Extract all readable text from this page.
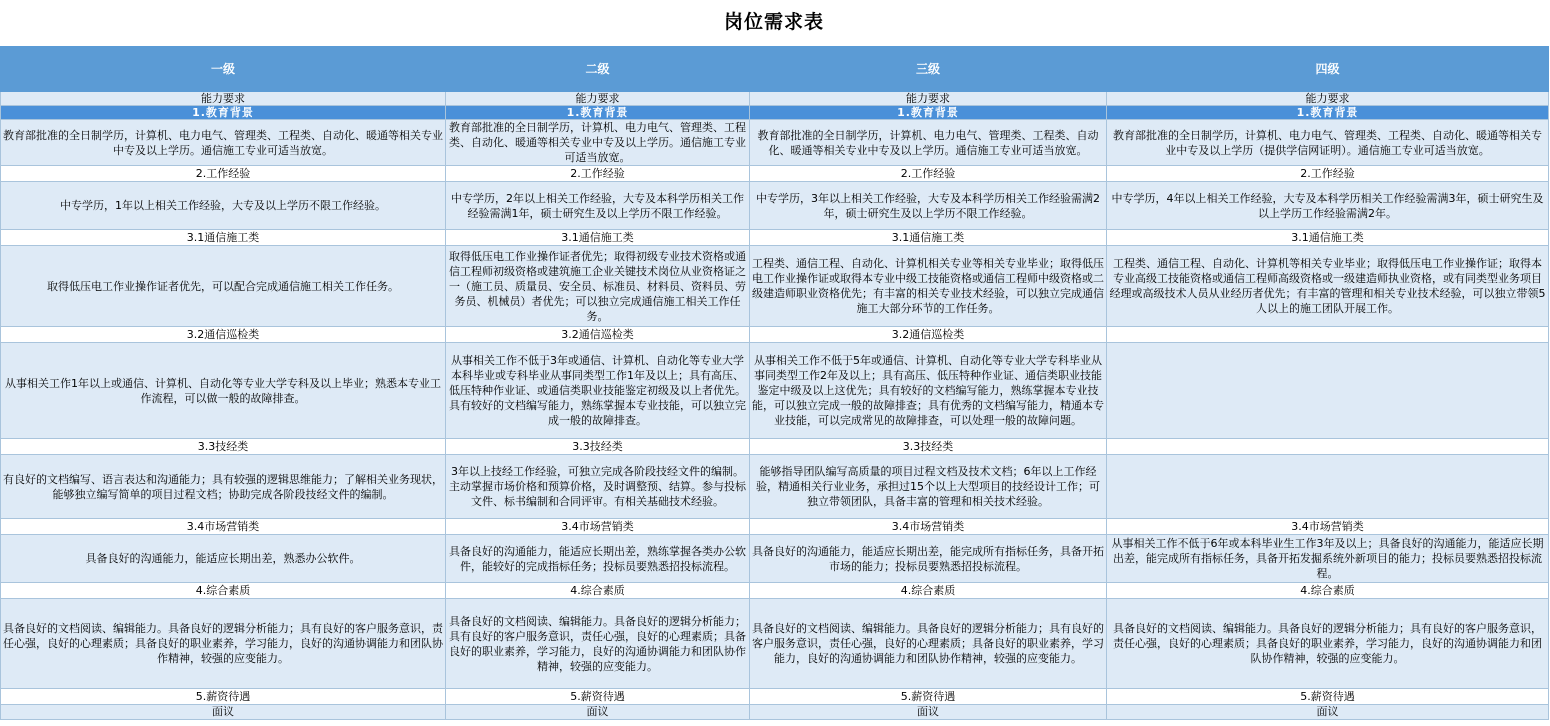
岗位需求表
一级	二级	三级	四级
能力要求	能力要求	能力要求	能力要求
1.教育背景	1.教育背景	1.教育背景	1.教育背景
教育部批准的全日制学历，计算机、电力电气、管理类、工程类、自动化、暖通等相关专业中专及以上学历。通信施工专业可适当放宽。	教育部批准的全日制学历，计算机、电力电气、管理类、工程类、自动化、暖通等相关专业中专及以上学历。通信施工专业可适当放宽。	教育部批准的全日制学历，计算机、电力电气、管理类、工程类、自动化、暖通等相关专业中专及以上学历。通信施工专业可适当放宽。	教育部批准的全日制学历，计算机、电力电气、管理类、工程类、自动化、暖通等相关专业中专及以上学历（提供学信网证明）。通信施工专业可适当放宽。
2.工作经验	2.工作经验	2.工作经验	2.工作经验
中专学历，1年以上相关工作经验，大专及以上学历不限工作经验。	中专学历，2年以上相关工作经验，大专及本科学历相关工作经验需满1年，硕士研究生及以上学历不限工作经验。	中专学历，3年以上相关工作经验，大专及本科学历相关工作经验需满2年，硕士研究生及以上学历不限工作经验。	中专学历，4年以上相关工作经验，大专及本科学历相关工作经验需满3年，硕士研究生及以上学历工作经验需满2年。
3.1通信施工类	3.1通信施工类	3.1通信施工类	3.1通信施工类
取得低压电工作业操作证者优先，可以配合完成通信施工相关工作任务。	取得低压电工作业操作证者优先；取得初级专业技术资格或通信工程师初级资格或建筑施工企业关键技术岗位从业资格证之一（施工员、质量员、安全员、标准员、材料员、资料员、劳务员、机械员）者优先；可以独立完成通信施工相关工作任务。	工程类、通信工程、自动化、计算机相关专业等相关专业毕业；取得低压电工作业操作证或取得本专业中级工技能资格或通信工程师中级资格或二级建造师职业资格优先；有丰富的相关专业技术经验，可以独立完成通信施工大部分环节的工作任务。	工程类、通信工程、自动化、计算机等相关专业毕业；取得低压电工作业操作证；取得本专业高级工技能资格或通信工程师高级资格或一级建造师执业资格，或有同类型业务项目经理或高级技术人员从业经历者优先；有丰富的管理和相关专业技术经验，可以独立带领5人以上的施工团队开展工作。
3.2通信巡检类	3.2通信巡检类	3.2通信巡检类	
从事相关工作1年以上或通信、计算机、自动化等专业大学专科及以上毕业；熟悉本专业工作流程，可以做一般的故障排查。	从事相关工作不低于3年或通信、计算机、自动化等专业大学本科毕业或专科毕业从事同类型工作1年及以上；具有高压、低压特种作业证、或通信类职业技能鉴定初级及以上者优先。具有较好的文档编写能力，熟练掌握本专业技能，可以独立完成一般的故障排查。	从事相关工作不低于5年或通信、计算机、自动化等专业大学专科毕业从事同类型工作2年及以上；具有高压、低压特种作业证、通信类职业技能鉴定中级及以上这优先；具有较好的文档编写能力，熟练掌握本专业技能，可以独立完成一般的故障排查；具有优秀的文档编写能力，精通本专业技能，可以完成常见的故障排查，可以处理一般的故障问题。	
3.3技经类	3.3技经类	3.3技经类	
有良好的文档编写、语言表达和沟通能力；具有较强的逻辑思维能力；了解相关业务现状，能够独立编写简单的项目过程文档；协助完成各阶段技经文件的编制。	3年以上技经工作经验，可独立完成各阶段技经文件的编制。主动掌握市场价格和预算价格，及时调整预、结算。参与投标文件、标书编制和合同评审。有相关基础技术经验。	能够指导团队编写高质量的项目过程文档及技术文档；6年以上工作经验，精通相关行业业务，承担过15个以上大型项目的技经设计工作；可独立带领团队，具备丰富的管理和相关技术经验。	
3.4市场营销类	3.4市场营销类	3.4市场营销类	3.4市场营销类
具备良好的沟通能力，能适应长期出差，熟悉办公软件。	具备良好的沟通能力，能适应长期出差，熟练掌握各类办公软件，能较好的完成指标任务；投标员要熟悉招投标流程。	具备良好的沟通能力，能适应长期出差，能完成所有指标任务，具备开拓市场的能力；投标员要熟悉招投标流程。	从事相关工作不低于6年或本科毕业生工作3年及以上；具备良好的沟通能力，能适应长期出差，能完成所有指标任务，具备开拓发掘系统外新项目的能力；投标员要熟悉招投标流程。
4.综合素质	4.综合素质	4.综合素质	4.综合素质
具备良好的文档阅读、编辑能力。具备良好的逻辑分析能力；具有良好的客户服务意识，责任心强，良好的心理素质；具备良好的职业素养，学习能力，良好的沟通协调能力和团队协作精神，较强的应变能力。	具备良好的文档阅读、编辑能力。具备良好的逻辑分析能力；具有良好的客户服务意识，责任心强，良好的心理素质；具备良好的职业素养，学习能力，良好的沟通协调能力和团队协作精神，较强的应变能力。	具备良好的文档阅读、编辑能力。具备良好的逻辑分析能力；具有良好的客户服务意识，责任心强，良好的心理素质；具备良好的职业素养，学习能力，良好的沟通协调能力和团队协作精神，较强的应变能力。	具备良好的文档阅读、编辑能力。具备良好的逻辑分析能力；具有良好的客户服务意识，责任心强，良好的心理素质；具备良好的职业素养，学习能力，良好的沟通协调能力和团队协作精神，较强的应变能力。
5.薪资待遇	5.薪资待遇	5.薪资待遇	5.薪资待遇
面议	面议	面议	面议
